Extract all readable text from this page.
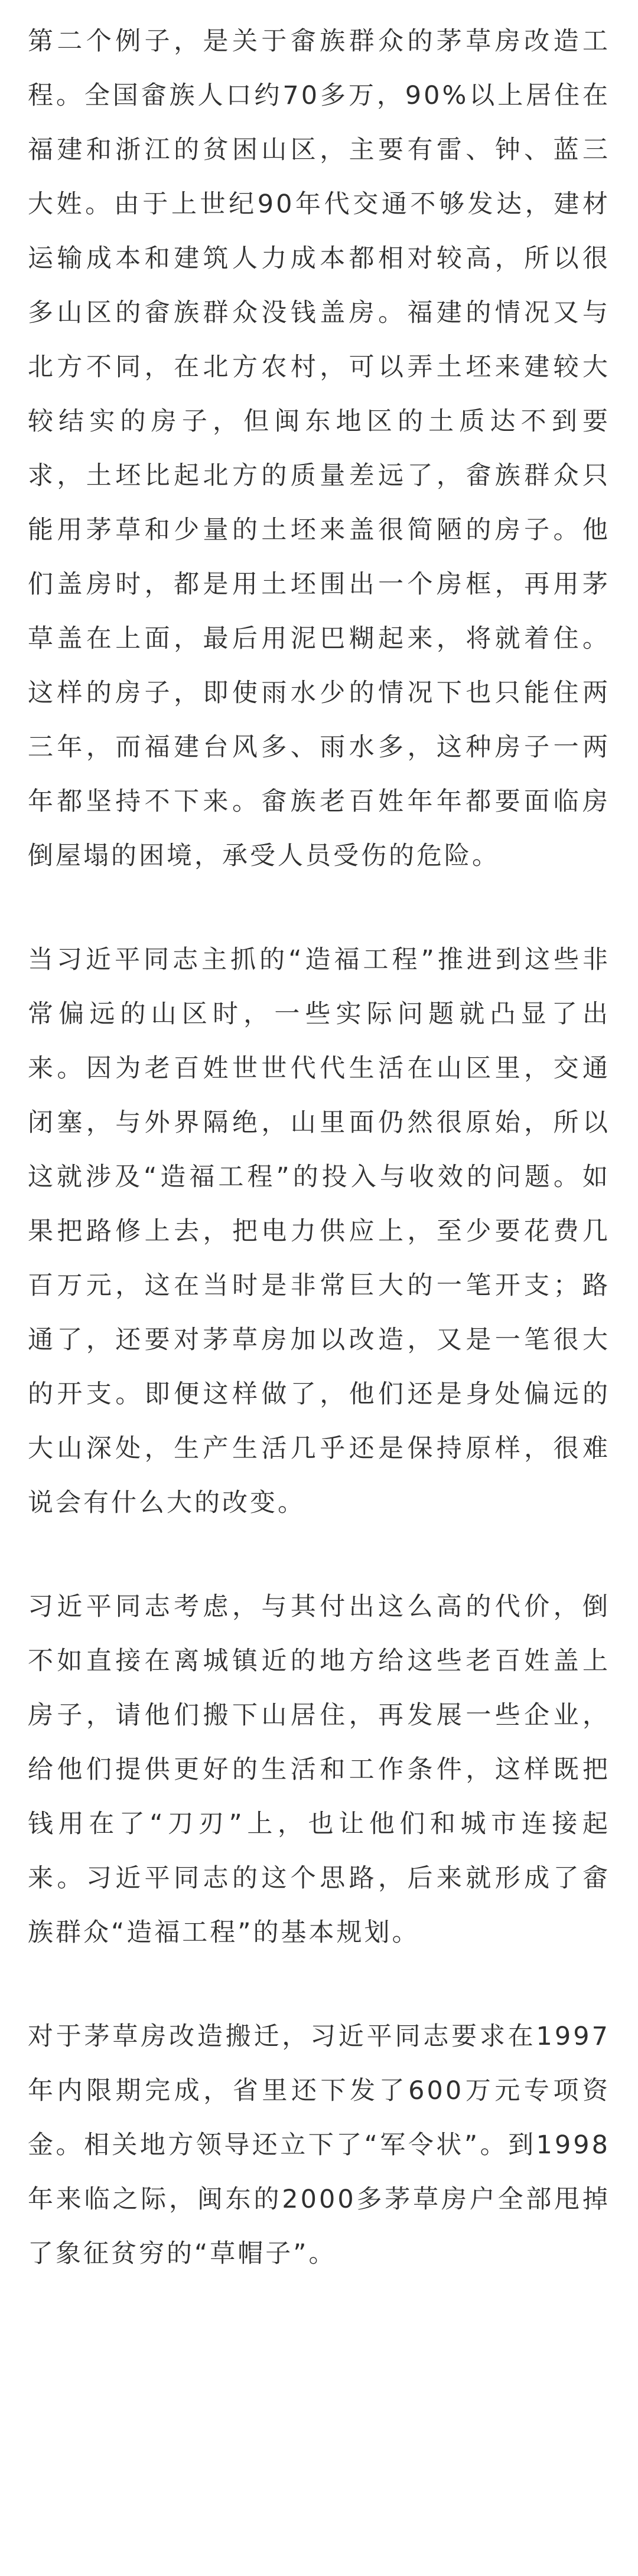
第二个例子，是关于畲族群众的茅草房改造工程。全国畲族人口约70多万，90%以上居住在福建和浙江的贫困山区，主要有雷、钟、蓝三大姓。由于上世纪90年代交通不够发达，建材运输成本和建筑人力成本都相对较高，所以很多山区的畲族群众没钱盖房。福建的情况又与北方不同，在北方农村，可以弄土坯来建较大较结实的房子，但闽东地区的土质达不到要求，土坯比起北方的质量差远了，畲族群众只能用茅草和少量的土坯来盖很简陋的房子。他们盖房时，都是用土坯围出一个房框，再用茅草盖在上面，最后用泥巴糊起来，将就着住。这样的房子，即使雨水少的情况下也只能住两三年，而福建台风多、雨水多，这种房子一两年都坚持不下来。畲族老百姓年年都要面临房倒屋塌的困境，承受人员受伤的危险。

当习近平同志主抓的“造福工程”推进到这些非常偏远的山区时，一些实际问题就凸显了出来。因为老百姓世世代代生活在山区里，交通闭塞，与外界隔绝，山里面仍然很原始，所以这就涉及“造福工程”的投入与收效的问题。如果把路修上去，把电力供应上，至少要花费几百万元，这在当时是非常巨大的一笔开支；路通了，还要对茅草房加以改造，又是一笔很大的开支。即便这样做了，他们还是身处偏远的大山深处，生产生活几乎还是保持原样，很难说会有什么大的改变。

习近平同志考虑，与其付出这么高的代价，倒不如直接在离城镇近的地方给这些老百姓盖上房子，请他们搬下山居住，再发展一些企业，给他们提供更好的生活和工作条件，这样既把钱用在了“刀刃”上，也让他们和城市连接起来。习近平同志的这个思路，后来就形成了畲族群众“造福工程”的基本规划。

对于茅草房改造搬迁，习近平同志要求在1997年内限期完成，省里还下发了600万元专项资金。相关地方领导还立下了“军令状”。到1998年来临之际，闽东的2000多茅草房户全部甩掉了象征贫穷的“草帽子”。
